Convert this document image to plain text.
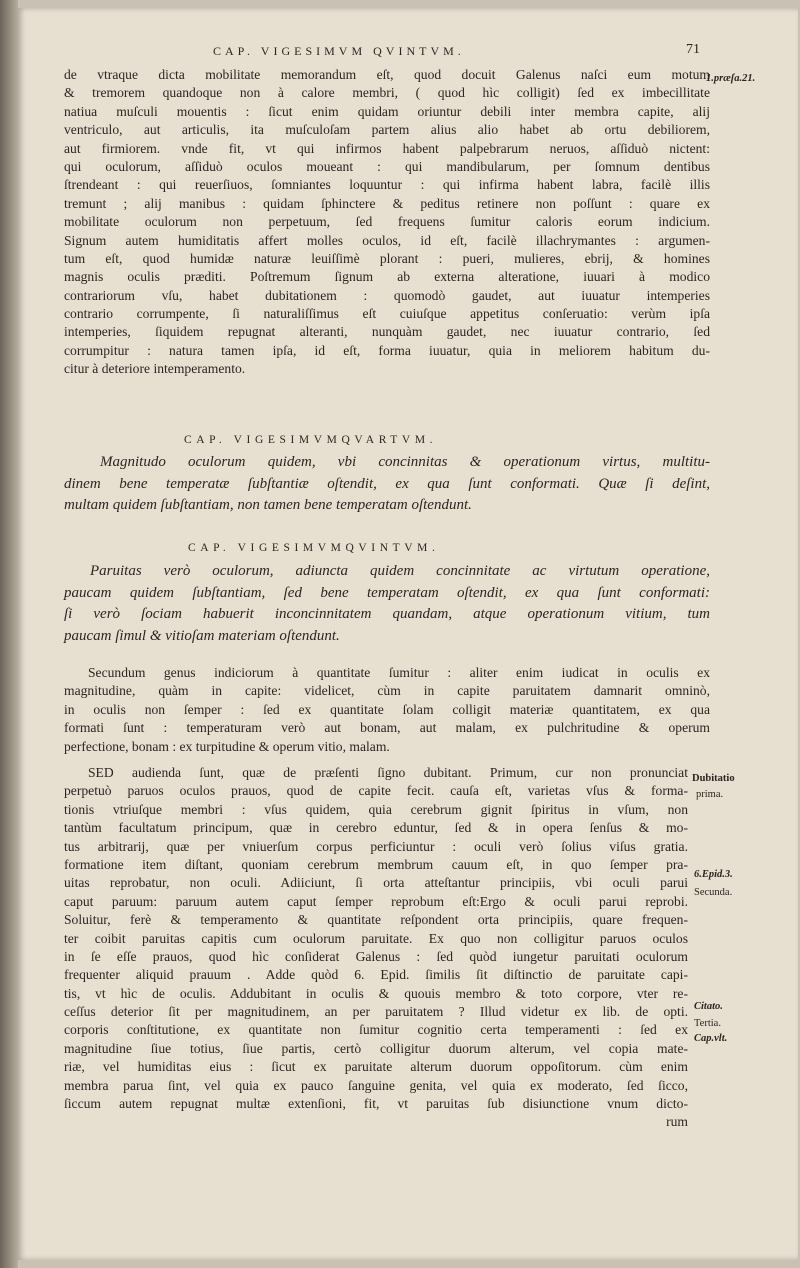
CAP. VIGESIMVM QVINTVM.	71
de vtraque dicta mobilitate memorandum eſt, quod docuit Galenus naſci eum motum
& tremorem quandoque non à calore membri, ( quod hìc colligit) ſed ex imbecillitate
natiua muſculi mouentis : ſicut enim quidam oriuntur debili inter membra capite, alij
ventriculo, aut articulis, ita muſculoſam partem alius alio habet ab ortu debiliorem,
aut firmiorem. vnde fit, vt qui infirmos habent palpebrarum neruos, aſſiduò nictent:
qui oculorum, aſſiduò oculos moueant : qui mandibularum, per ſomnum dentibus
ſtrendeant : qui reuerſiuos, ſomniantes loquuntur : qui infirma habent labra, facilè illis
tremunt ; alij manibus : quidam ſphinctere & peditus retinere non poſſunt : quare ex
mobilitate oculorum non perpetuum, ſed frequens ſumitur caloris eorum indicium.
Signum autem humiditatis affert molles oculos, id eſt, facilè illachrymantes : argumen-
tum eſt, quod humidæ naturæ leuiſſimè plorant : pueri, mulieres, ebrij, & homines
magnis oculis præditi. Poſtremum ſignum ab externa alteratione, iuuari à modico
contrariorum vſu, habet dubitationem : quomodò gaudet, aut iuuatur intemperies
contrario corrumpente, ſi naturaliſſimus eſt cuiuſque appetitus conſeruatio: verùm ipſa
intemperies, ſiquidem repugnat alteranti, nunquàm gaudet, nec iuuatur contrario, ſed
corrumpitur : natura tamen ipſa, id eſt, forma iuuatur, quia in meliorem habitum du-
citur à deteriore intemperamento.
1.præſa.21.
CAP. VIGESIMVMQVARTVM.
Magnitudo oculorum quidem, vbi concinnitas & operationum virtus, multitu-
dinem bene temperatæ ſubſtantiæ oſtendit, ex qua ſunt conformati. Quæ ſi deſint,
multam quidem ſubſtantiam, non tamen bene temperatam oſtendunt.
CAP. VIGESIMVMQVINTVM.
Paruitas verò oculorum, adiuncta quidem concinnitate ac virtutum operatione,
paucam quidem ſubſtantiam, ſed bene temperatam oſtendit, ex qua ſunt conformati:
ſi verò ſociam habuerit inconcinnitatem quandam, atque operationum vitium, tum
paucam ſimul & vitioſam materiam oſtendunt.
Secundum genus indiciorum à quantitate ſumitur : aliter enim iudicat in oculis ex
magnitudine, quàm in capite: videlicet, cùm in capite paruitatem damnarit omninò,
in oculis non ſemper : ſed ex quantitate ſolam colligit materiæ quantitatem, ex qua
formati ſunt : temperaturam verò aut bonam, aut malam, ex pulchritudine & operum
perfectione, bonam : ex turpitudine & operum vitio, malam.
SED audienda ſunt, quæ de præſenti ſigno dubitant. Primum, cur non pronunciat
perpetuò paruos oculos prauos, quod de capite fecit. cauſa eſt, varietas vſus & forma-
tionis vtriuſque membri : vſus quidem, quia cerebrum gignit ſpiritus in vſum, non
tantùm facultatum principum, quæ in cerebro eduntur, ſed & in opera ſenſus & mo-
tus arbitrarij, quæ per vniuerſum corpus perficiuntur : oculi verò ſolius viſus gratia.
formatione item diſtant, quoniam cerebrum membrum cauum eſt, in quo ſemper pra-
uitas reprobatur, non oculi. Adiiciunt, ſi orta atteſtantur principiis, vbi oculi parui
caput paruum: paruum autem caput ſemper reprobum eſt:Ergo & oculi parui reprobi.
Soluitur, ferè & temperamento & quantitate reſpondent orta principiis, quare frequen-
ter coibit paruitas capitis cum oculorum paruitate. Ex quo non colligitur paruos oculos
in ſe eſſe prauos, quod hìc conſiderat Galenus : ſed quòd iungetur paruitati oculorum
frequenter aliquid prauum . Adde quòd 6. Epid. ſimilis ſit diſtinctio de paruitate capi-
tis, vt hìc de oculis. Addubitant in oculis & quouis membro & toto corpore, vter re-
ceſſus deterior ſit per magnitudinem, an per paruitatem ? Illud videtur ex lib. de opti.
corporis conſtitutione, ex quantitate non ſumitur cognitio certa temperamenti : ſed ex
magnitudine ſiue totius, ſiue partis, certò colligitur duorum alterum, vel copia mate-
riæ, vel humiditas eius : ſicut ex paruitate alterum duorum oppoſitorum. cùm enim
membra parua ſint, vel quia ex pauco ſanguine genita, vel quia ex moderato, ſed ſicco,
ſiccum autem repugnat multæ extenſioni, fit, vt paruitas ſub disiunctione vnum dicto-
rum
Dubitatio
prima.
6.Epid.3.
Secunda.
Citato.
Tertia.
Cap.vlt.
